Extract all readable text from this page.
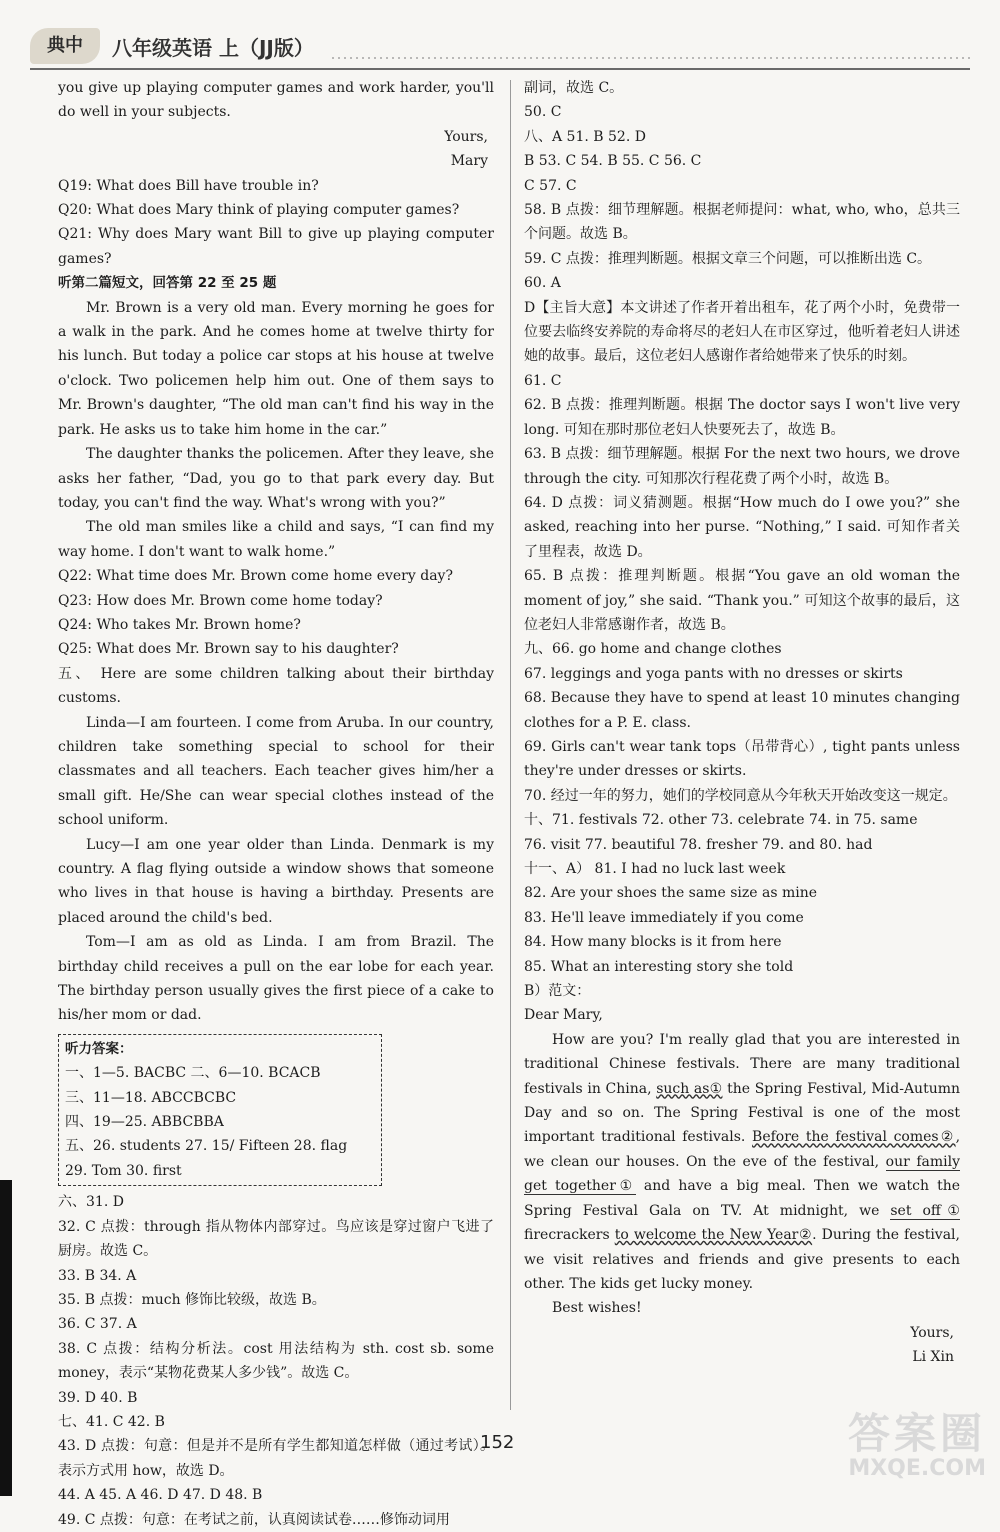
典中	八年级英语 上（JJ版）

you give up playing computer games and work harder, you'll do well in your subjects.

Yours,

Mary

Q19: What does Bill have trouble in?

Q20: What does Mary think of playing computer games?

Q21: Why does Mary want Bill to give up playing computer games?

听第二篇短文，回答第 22 至 25 题

Mr. Brown is a very old man. Every morning he goes for a walk in the park. And he comes home at twelve thirty for his lunch. But today a police car stops at his house at twelve o'clock. Two policemen help him out. One of them says to Mr. Brown's daughter, “The old man can't find his way in the park. He asks us to take him home in the car.”

The daughter thanks the policemen. After they leave, she asks her father, “Dad, you go to that park every day. But today, you can't find the way. What's wrong with you?”

The old man smiles like a child and says, “I can find my way home. I don't want to walk home.”

Q22: What time does Mr. Brown come home every day?

Q23: How does Mr. Brown come home today?

Q24: Who takes Mr. Brown home?

Q25: What does Mr. Brown say to his daughter?

五、 Here are some children talking about their birthday customs.

Linda—I am fourteen. I come from Aruba. In our country, children take something special to school for their classmates and all teachers. Each teacher gives him/her a small gift. He/She can wear special clothes instead of the school uniform.

Lucy—I am one year older than Linda. Denmark is my country. A flag flying outside a window shows that someone who lives in that house is having a birthday. Presents are placed around the child's bed.

Tom—I am as old as Linda. I am from Brazil. The birthday child receives a pull on the ear lobe for each year. The birthday person usually gives the first piece of a cake to his/her mom or dad.

听力答案：

一、1—5. BACBC 二、6—10. BCACB

三、11—18. ABCCBCBC

四、19—25. ABBCBBA

五、26. students 27. 15/ Fifteen 28. flag

29. Tom 30. first

六、31. D

32. C 点拨：through 指从物体内部穿过。鸟应该是穿过窗户飞进了厨房。故选 C。

33. B 34. A

35. B 点拨：much 修饰比较级，故选 B。

36. C 37. A

38. C 点拨：结构分析法。cost 用法结构为 sth. cost sb. some money，表示“某物花费某人多少钱”。故选 C。

39. D 40. B

七、41. C 42. B

43. D 点拨：句意：但是并不是所有学生都知道怎样做（通过考试）。表示方式用 how，故选 D。

44. A 45. A 46. D 47. D 48. B

49. C 点拨：句意：在考试之前，认真阅读试卷……修饰动词用

副词，故选 C。

50. C

八、A 51. B 52. D

B 53. C 54. B 55. C 56. C

C 57. C

58. B 点拨：细节理解题。根据老师提问：what, who, who，总共三个问题。故选 B。

59. C 点拨：推理判断题。根据文章三个问题，可以推断出选 C。

60. A

D【主旨大意】本文讲述了作者开着出租车，花了两个小时，免费带一位要去临终安养院的寿命将尽的老妇人在市区穿过，他听着老妇人讲述她的故事。最后，这位老妇人感谢作者给她带来了快乐的时刻。

61. C

62. B 点拨：推理判断题。根据 The doctor says I won't live very long. 可知在那时那位老妇人快要死去了，故选 B。

63. B 点拨：细节理解题。根据 For the next two hours, we drove through the city. 可知那次行程花费了两个小时，故选 B。

64. D 点拨：词义猜测题。根据“How much do I owe you?” she asked, reaching into her purse. “Nothing,” I said. 可知作者关了里程表，故选 D。

65. B 点拨：推理判断题。根据“You gave an old woman the moment of joy,” she said. “Thank you.” 可知这个故事的最后，这位老妇人非常感谢作者，故选 B。

九、66. go home and change clothes

67. leggings and yoga pants with no dresses or skirts

68. Because they have to spend at least 10 minutes changing clothes for a P. E. class.

69. Girls can't wear tank tops（吊带背心）, tight pants unless they're under dresses or skirts.

70. 经过一年的努力，她们的学校同意从今年秋天开始改变这一规定。

十、71. festivals 72. other 73. celebrate 74. in 75. same

76. visit 77. beautiful 78. fresher 79. and 80. had

十一、A） 81. I had no luck last week

82. Are your shoes the same size as mine

83. He'll leave immediately if you come

84. How many blocks is it from here

85. What an interesting story she told

B）范文：

Dear Mary,

How are you? I'm really glad that you are interested in traditional Chinese festivals. There are many traditional festivals in China, such as① the Spring Festival, Mid-Autumn Day and so on. The Spring Festival is one of the most important traditional festivals. Before the festival comes②, we clean our houses. On the eve of the festival, our family get together① and have a big meal. Then we watch the Spring Festival Gala on TV. At midnight, we set off① firecrackers to welcome the New Year②. During the festival, we visit relatives and friends and give presents to each other. The kids get lucky money.

Best wishes!

Yours,

Li Xin

152	答案圈
MXQE.COM
